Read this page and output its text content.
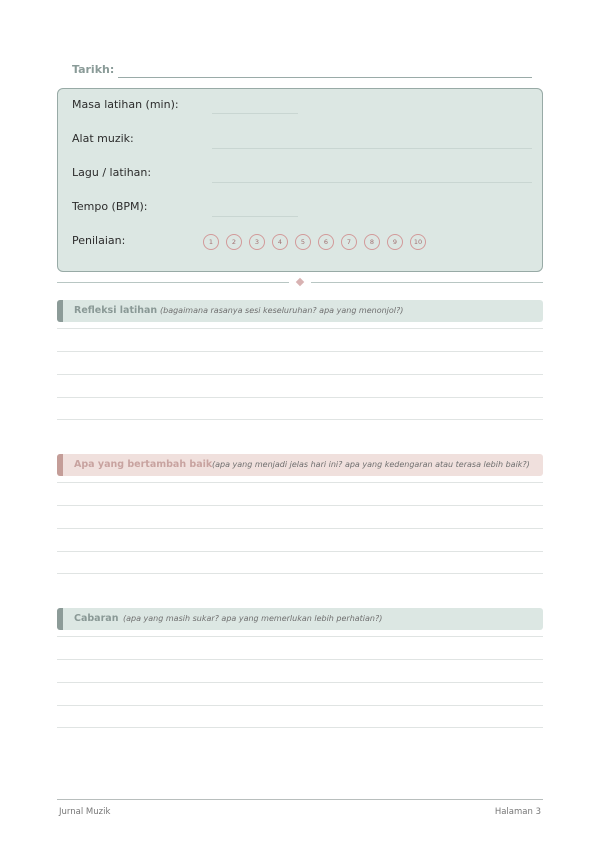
Tarikh:
Masa latihan (min):
Alat muzik:
Lagu / latihan:
Tempo (BPM):
Penilaian:	1	2	3	4	5	6	7	8	9	10
Refleksi latihan (bagaimana rasanya sesi keseluruhan? apa yang menonjol?)
Apa yang bertambah baik (apa yang menjadi jelas hari ini? apa yang kedengaran atau terasa lebih baik?)
Cabaran (apa yang masih sukar? apa yang memerlukan lebih perhatian?)
Jurnal Muzik	Halaman 3
